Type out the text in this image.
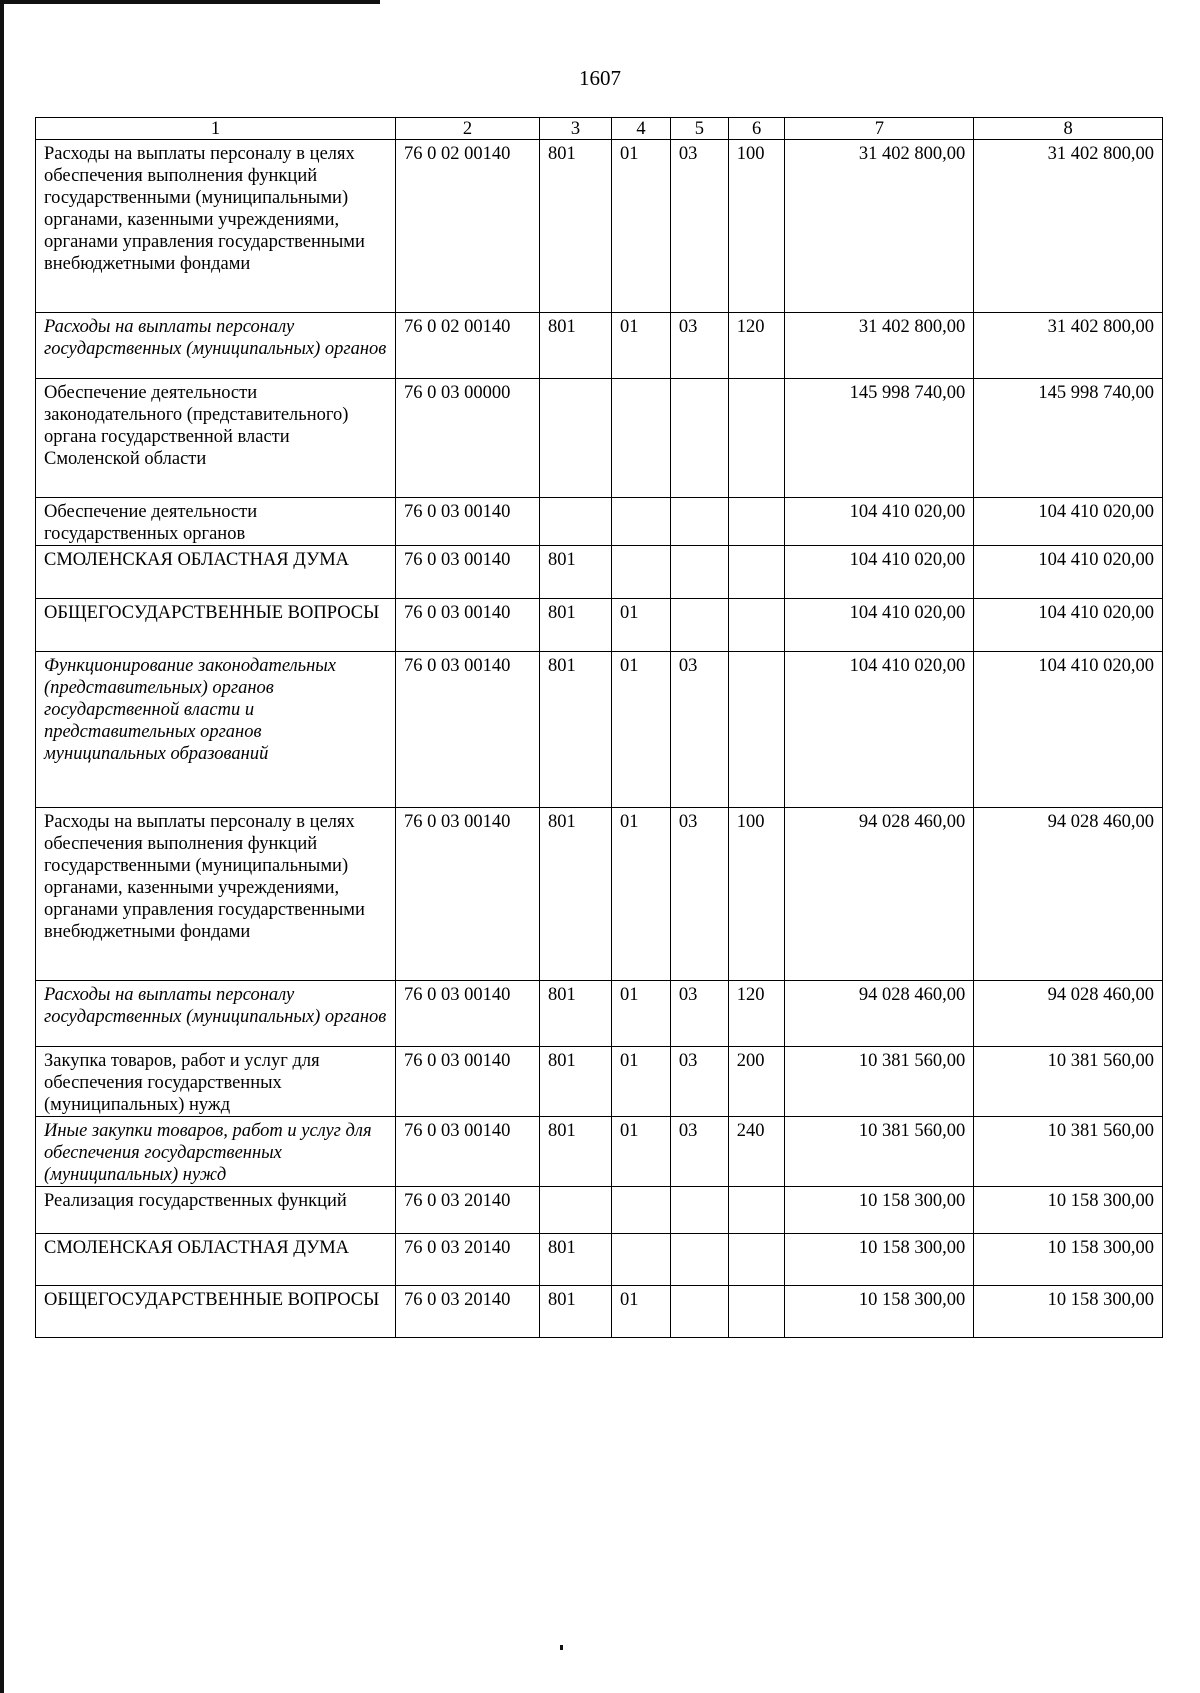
1607
1	2	3	4	5	6	7	8
Расходы на выплаты персоналу в целях обеспечения выполнения функций государственными (муниципальными) органами, казенными учреждениями, органами управления государственными внебюджетными фондами	76 0 02 00140	801	01	03	100	31 402 800,00	31 402 800,00
Расходы на выплаты персоналу государственных (муниципальных) органов	76 0 02 00140	801	01	03	120	31 402 800,00	31 402 800,00
Обеспечение деятельности законодательного (представительного) органа государственной власти Смоленской области	76 0 03 00000					145 998 740,00	145 998 740,00
Обеспечение деятельности государственных органов	76 0 03 00140					104 410 020,00	104 410 020,00
СМОЛЕНСКАЯ ОБЛАСТНАЯ ДУМА	76 0 03 00140	801				104 410 020,00	104 410 020,00
ОБЩЕГОСУДАРСТВЕННЫЕ ВОПРОСЫ	76 0 03 00140	801	01			104 410 020,00	104 410 020,00
Функционирование законодательных (представительных) органов государственной власти и представительных органов муниципальных образований	76 0 03 00140	801	01	03		104 410 020,00	104 410 020,00
Расходы на выплаты персоналу в целях обеспечения выполнения функций государственными (муниципальными) органами, казенными учреждениями, органами управления государственными внебюджетными фондами	76 0 03 00140	801	01	03	100	94 028 460,00	94 028 460,00
Расходы на выплаты персоналу государственных (муниципальных) органов	76 0 03 00140	801	01	03	120	94 028 460,00	94 028 460,00
Закупка товаров, работ и услуг для обеспечения государственных (муниципальных) нужд	76 0 03 00140	801	01	03	200	10 381 560,00	10 381 560,00
Иные закупки товаров, работ и услуг для обеспечения государственных (муниципальных) нужд	76 0 03 00140	801	01	03	240	10 381 560,00	10 381 560,00
Реализация государственных функций	76 0 03 20140					10 158 300,00	10 158 300,00
СМОЛЕНСКАЯ ОБЛАСТНАЯ ДУМА	76 0 03 20140	801				10 158 300,00	10 158 300,00
ОБЩЕГОСУДАРСТВЕННЫЕ ВОПРОСЫ	76 0 03 20140	801	01			10 158 300,00	10 158 300,00
